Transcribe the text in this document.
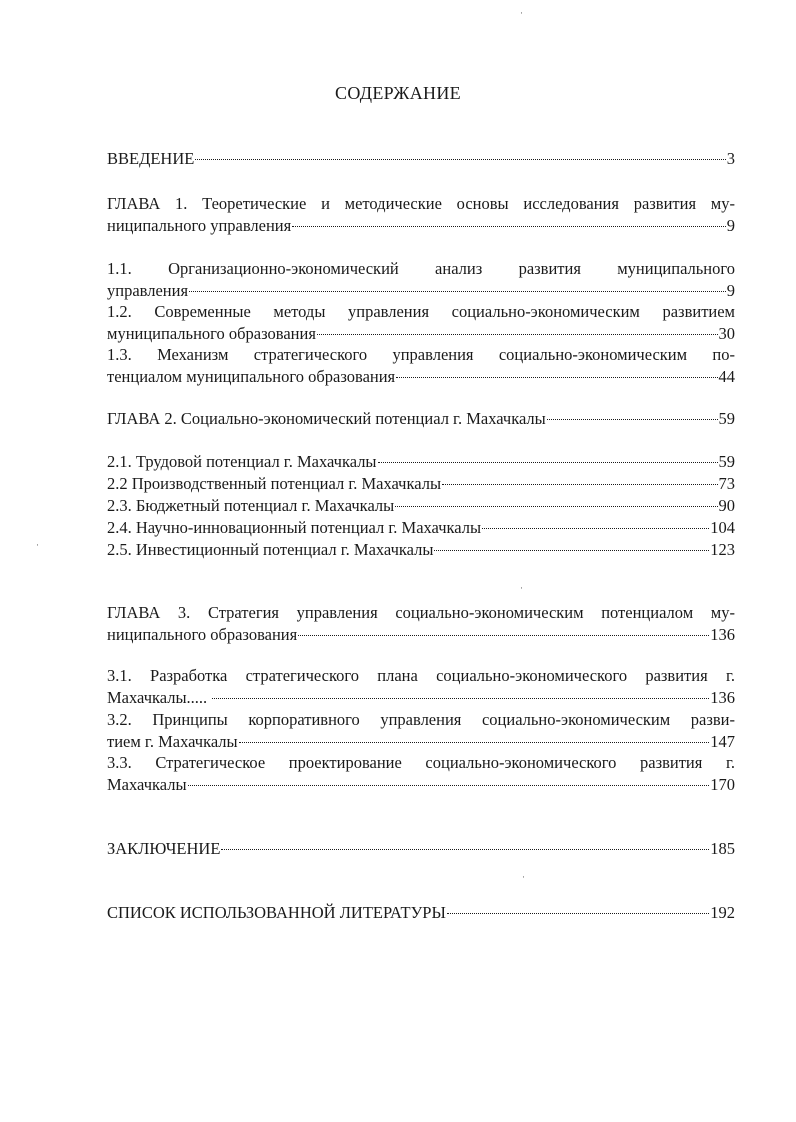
СОДЕРЖАНИЕ
ВВЕДЕНИЕ	3
ГЛАВА 1. Теоретические и методические основы исследования развития му-
ниципального управления	9
1.1. Организационно-экономический анализ развития муниципального
управления	9
1.2. Современные методы управления социально-экономическим развитием
муниципального образования	30
1.3. Механизм стратегического управления социально-экономическим по-
тенциалом муниципального образования	44
ГЛАВА 2. Социально-экономический потенциал г. Махачкалы	59
2.1. Трудовой потенциал г. Махачкалы	59
2.2 Производственный потенциал г. Махачкалы	73
2.3. Бюджетный потенциал г. Махачкалы	90
2.4. Научно-инновационный потенциал г. Махачкалы	104
2.5. Инвестиционный потенциал г. Махачкалы	123
ГЛАВА 3. Стратегия управления социально-экономическим потенциалом му-
ниципального образования	136
3.1. Разработка стратегического плана социально-экономического развития г.
Махачкалы.....	136
3.2. Принципы корпоративного управления социально-экономическим разви-
тием г. Махачкалы	147
3.3. Стратегическое проектирование социально-экономического развития г.
Махачкалы	170
ЗАКЛЮЧЕНИЕ	185
СПИСОК ИСПОЛЬЗОВАННОЙ ЛИТЕРАТУРЫ	192
·
·
·
·
